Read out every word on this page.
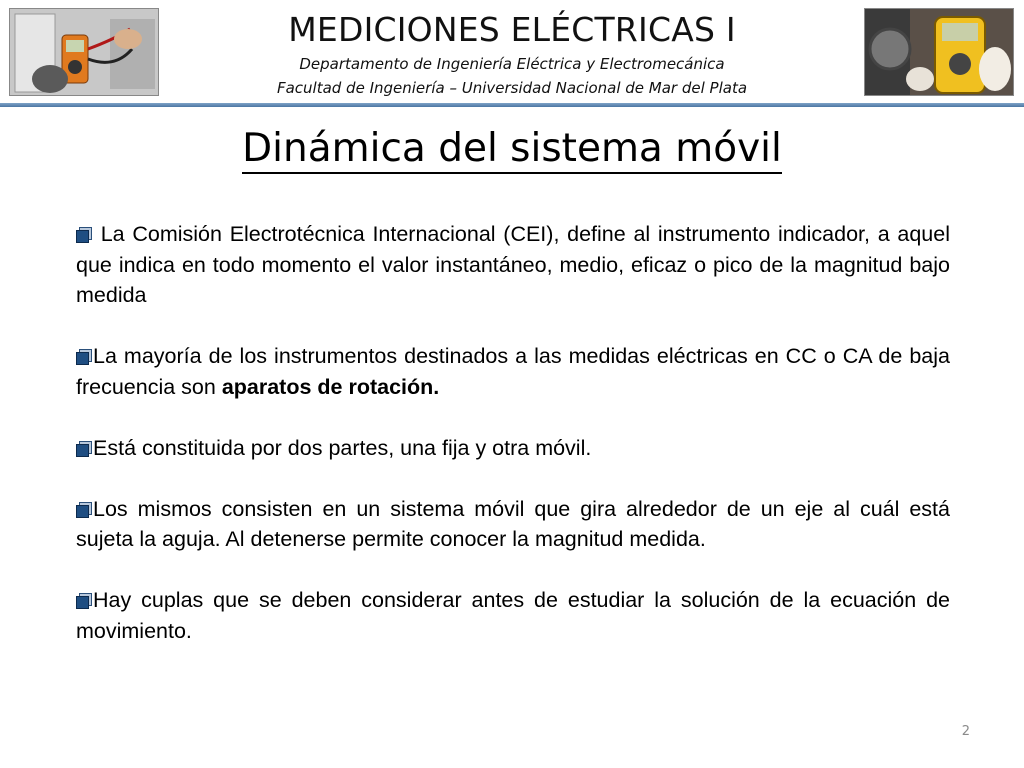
MEDICIONES ELÉCTRICAS I
Departamento de Ingeniería Eléctrica y Electromecánica
Facultad de Ingeniería – Universidad Nacional de Mar del Plata
Dinámica del sistema móvil

La Comisión Electrotécnica Internacional (CEI), define al instrumento indicador, a aquel que indica en todo momento el valor instantáneo, medio, eficaz o pico de la magnitud bajo medida

La mayoría de los instrumentos destinados a las medidas eléctricas en CC o CA de baja frecuencia son aparatos de rotación.

Está constituida por dos partes, una fija y otra móvil.

Los mismos consisten en un sistema móvil que gira alrededor de un eje al cuál está sujeta la aguja. Al detenerse permite conocer la magnitud medida.

Hay cuplas que se deben considerar antes de estudiar la solución de la ecuación de movimiento.

2
